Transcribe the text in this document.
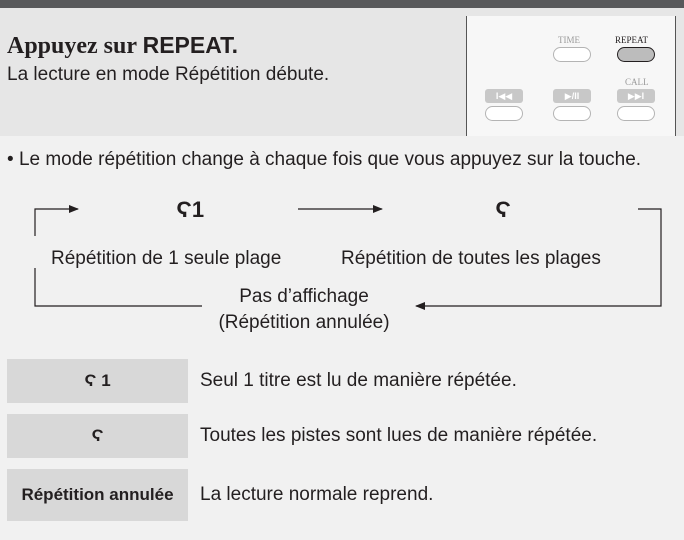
Appuyez sur REPEAT.
La lecture en mode Répétition débute.
TIME	REPEAT
CALL
I◀◀	▶/II	▶▶I
• Le mode répétition change à chaque fois que vous appuyez sur la touche.
Ϛ1
Répétition de 1 seule plage
Ϛ
Répétition de toutes les plages
Pas d’affichage (Répétition annulée)
Ϛ 1	Seul 1 titre est lu de manière répétée.
Ϛ	Toutes les pistes sont lues de manière répétée.
Répétition annulée	La lecture normale reprend.
